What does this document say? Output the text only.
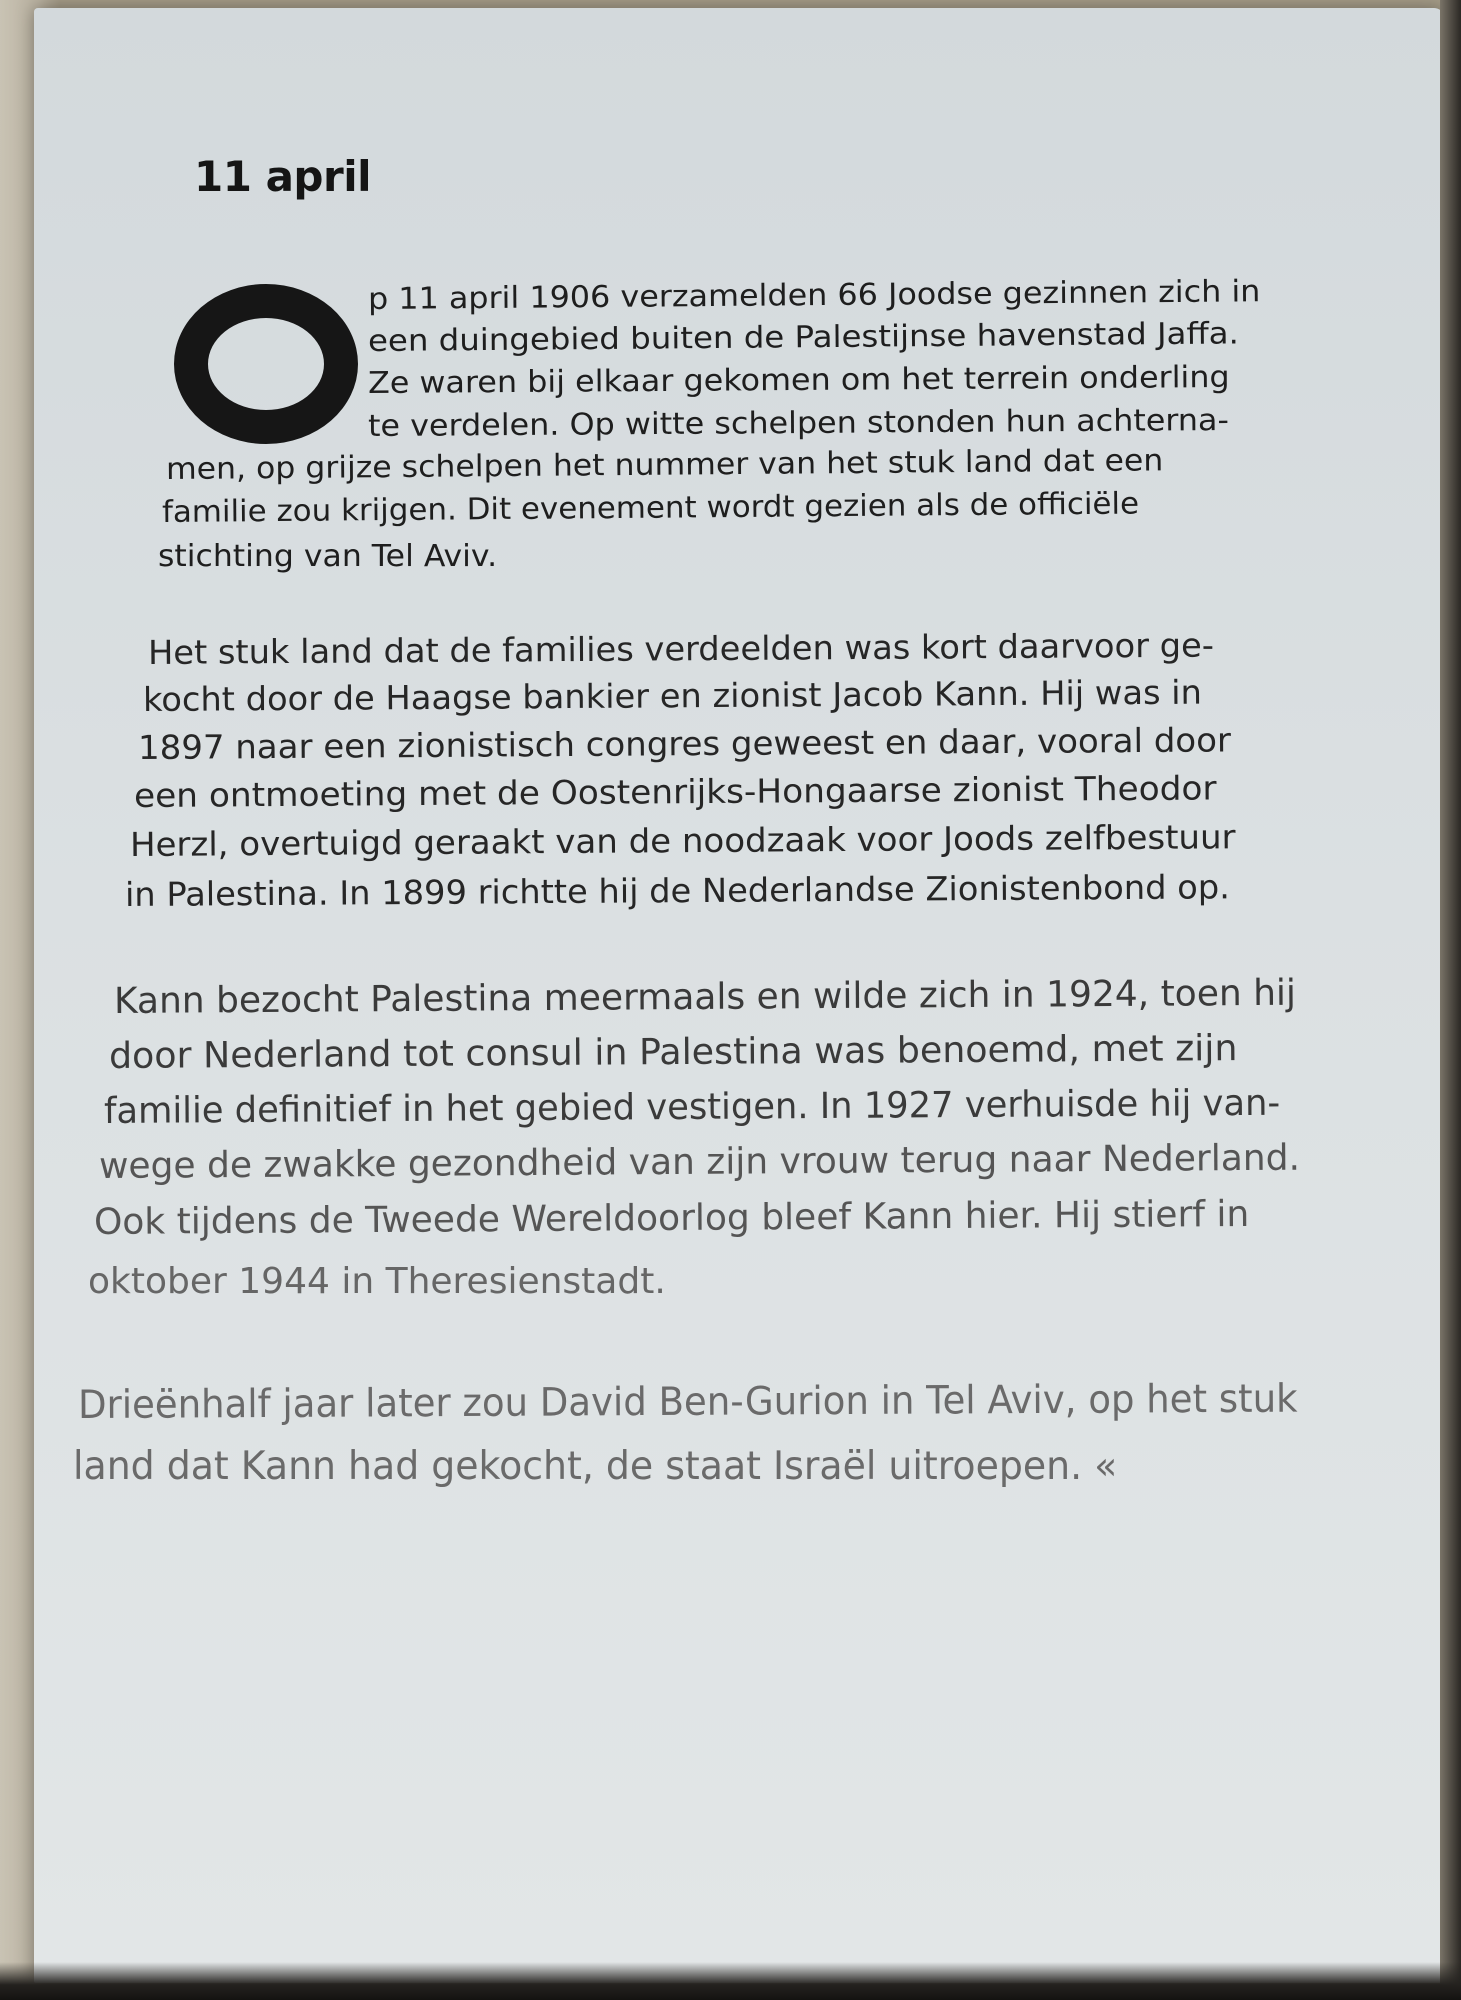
11 april

p 11 april 1906 verzamelden 66 Joodse gezinnen zich in

een duingebied buiten de Palestijnse havenstad Jaffa.

Ze waren bij elkaar gekomen om het terrein onderling

te verdelen. Op witte schelpen stonden hun achterna-

men, op grijze schelpen het nummer van het stuk land dat een

familie zou krijgen. Dit evenement wordt gezien als de officiële

stichting van Tel Aviv.

Het stuk land dat de families verdeelden was kort daarvoor ge-

kocht door de Haagse bankier en zionist Jacob Kann. Hij was in

1897 naar een zionistisch congres geweest en daar, vooral door

een ontmoeting met de Oostenrijks-Hongaarse zionist Theodor

Herzl, overtuigd geraakt van de noodzaak voor Joods zelfbestuur

in Palestina. In 1899 richtte hij de Nederlandse Zionistenbond op.

Kann bezocht Palestina meermaals en wilde zich in 1924, toen hij

door Nederland tot consul in Palestina was benoemd, met zijn

familie definitief in het gebied vestigen. In 1927 verhuisde hij van-

wege de zwakke gezondheid van zijn vrouw terug naar Nederland.

Ook tijdens de Tweede Wereldoorlog bleef Kann hier. Hij stierf in

oktober 1944 in Theresienstadt.

Drieënhalf jaar later zou David Ben-Gurion in Tel Aviv, op het stuk

land dat Kann had gekocht, de staat Israël uitroepen. «
